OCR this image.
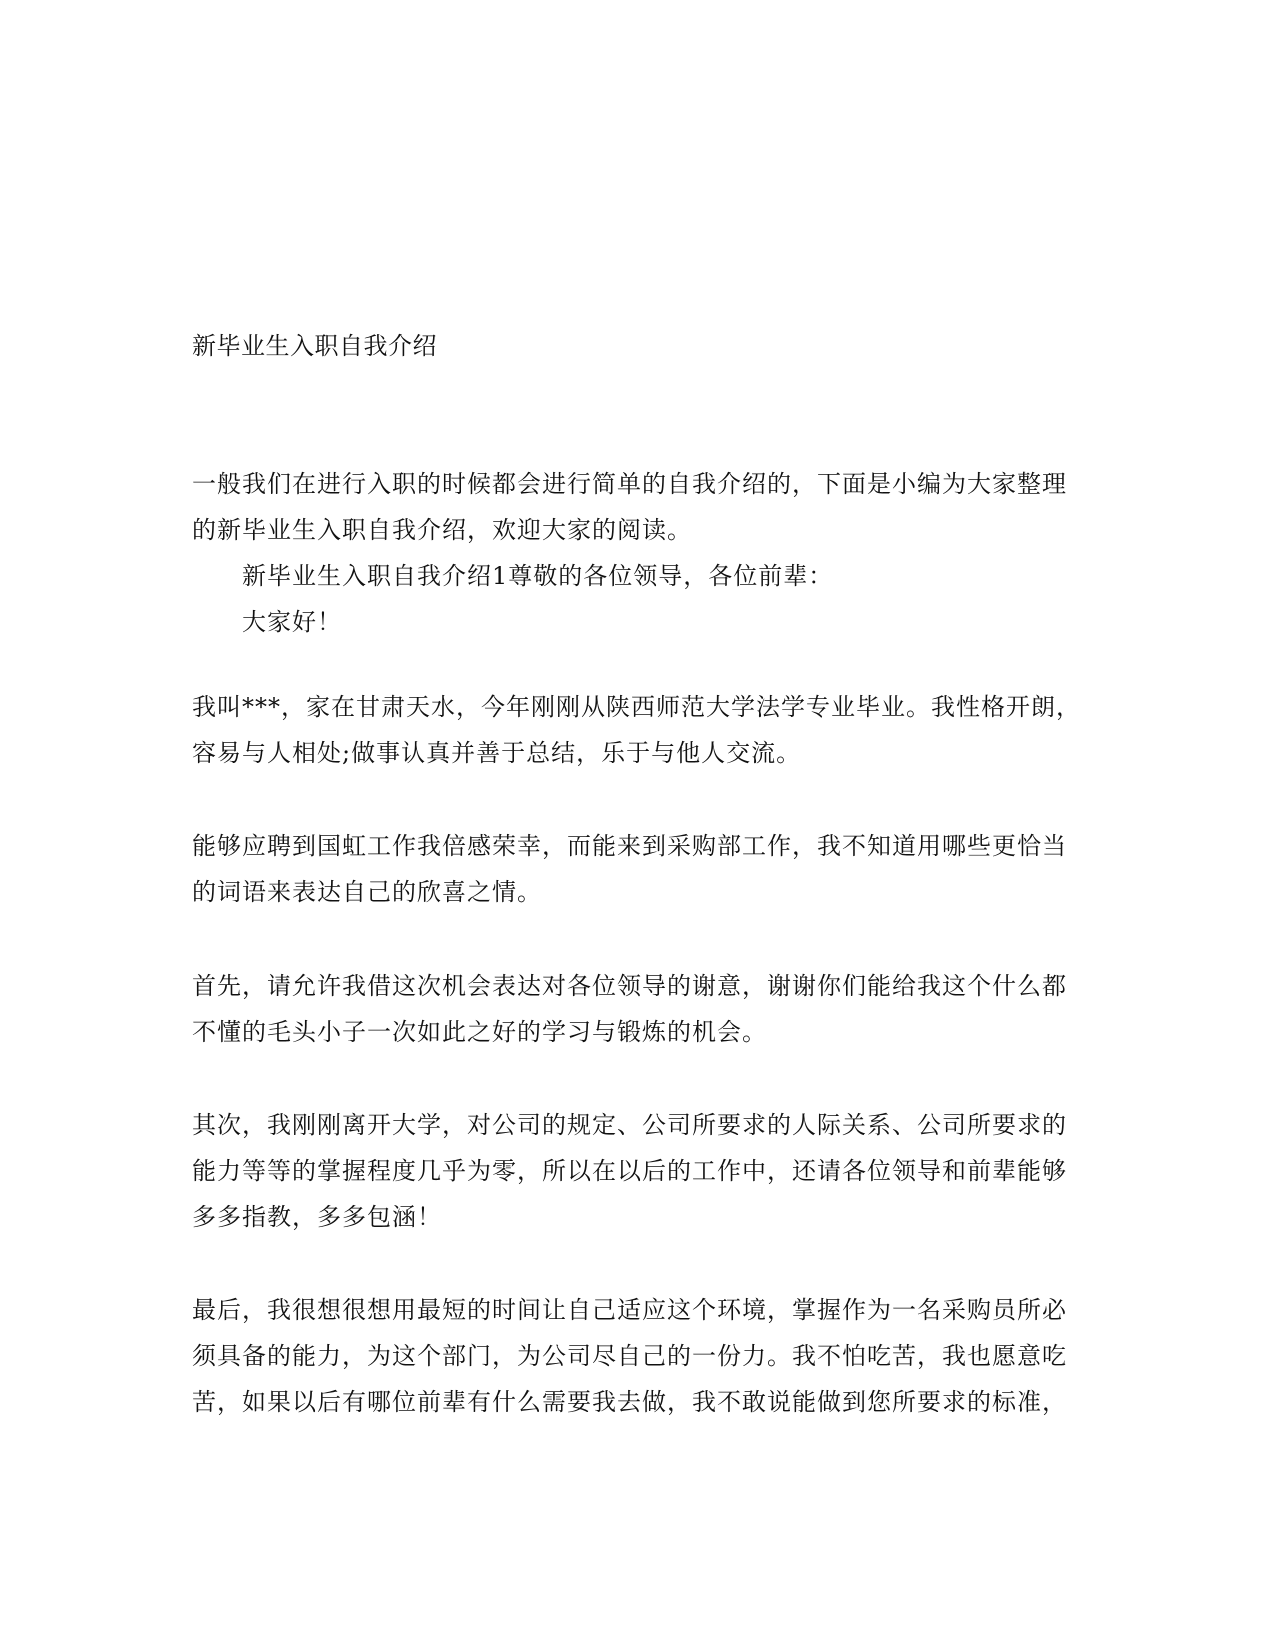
新毕业生入职自我介绍
一般我们在进行入职的时候都会进行简单的自我介绍的，下面是小编为大家整理
的新毕业生入职自我介绍，欢迎大家的阅读。
新毕业生入职自我介绍1尊敬的各位领导，各位前辈：
大家好！
我叫***，家在甘肃天水，今年刚刚从陕西师范大学法学专业毕业。我性格开朗，
容易与人相处;做事认真并善于总结，乐于与他人交流。
能够应聘到国虹工作我倍感荣幸，而能来到采购部工作，我不知道用哪些更恰当
的词语来表达自己的欣喜之情。
首先，请允许我借这次机会表达对各位领导的谢意，谢谢你们能给我这个什么都
不懂的毛头小子一次如此之好的学习与锻炼的机会。
其次，我刚刚离开大学，对公司的规定、公司所要求的人际关系、公司所要求的
能力等等的掌握程度几乎为零，所以在以后的工作中，还请各位领导和前辈能够
多多指教，多多包涵！
最后，我很想很想用最短的时间让自己适应这个环境，掌握作为一名采购员所必
须具备的能力，为这个部门，为公司尽自己的一份力。我不怕吃苦，我也愿意吃
苦，如果以后有哪位前辈有什么需要我去做，我不敢说能做到您所要求的标准，
